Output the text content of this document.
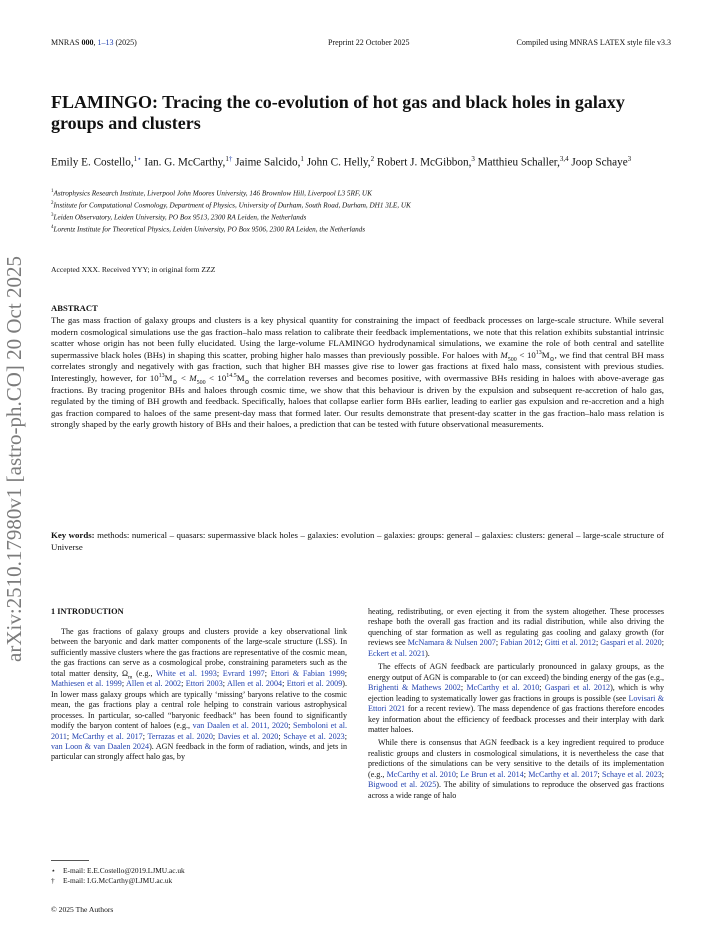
MNRAS 000, 1–13 (2025)	Preprint 22 October 2025	Compiled using MNRAS LATEX style file v3.3
FLAMINGO: Tracing the co-evolution of hot gas and black holes in galaxy groups and clusters
Emily E. Costello,$^{1⋆}$ Ian. G. McCarthy,$^{1\dagger}$ Jaime Salcido,$^1$ John C. Helly,$^2$ Robert J. McGibbon,$^3$ Matthieu Schaller,$^{3,4}$ Joop Schaye$^3$
$^1$Astrophysics Research Institute, Liverpool John Moores University, 146 Brownlow Hill, Liverpool L3 5RF, UK
$^2$Institute for Computational Cosmology, Department of Physics, University of Durham, South Road, Durham, DH1 3LE, UK
$^3$Leiden Observatory, Leiden University, PO Box 9513, 2300 RA Leiden, the Netherlands
$^4$Lorentz Institute for Theoretical Physics, Leiden University, PO Box 9506, 2300 RA Leiden, the Netherlands
Accepted XXX. Received YYY; in original form ZZZ
ABSTRACT
The gas mass fraction of galaxy groups and clusters is a key physical quantity for constraining the impact of feedback processes on large-scale structure. While several modern cosmological simulations use the gas fraction–halo mass relation to calibrate their feedback implementations, we note that this relation exhibits substantial intrinsic scatter whose origin has not been fully elucidated. Using the large-volume FLAMINGO hydrodynamical simulations, we examine the role of both central and satellite supermassive black holes (BHs) in shaping this scatter, probing higher halo masses than previously possible. For haloes with $M_{500} < 10^{13}M_⊙$, we find that central BH mass correlates strongly and negatively with gas fraction, such that higher BH masses give rise to lower gas fractions at fixed halo mass, consistent with previous studies. Interestingly, however, for $10^{13}M_⊙ < M_{500} < 10^{14.5}M_⊙$ the correlation reverses and becomes positive, with overmassive BHs residing in haloes with above-average gas fractions. By tracing progenitor BHs and haloes through cosmic time, we show that this behaviour is driven by the expulsion and subsequent re-accretion of halo gas, regulated by the timing of BH growth and feedback. Specifically, haloes that collapse earlier form BHs earlier, leading to earlier gas expulsion and re-accretion and a high gas fraction compared to haloes of the same present-day mass that formed later. Our results demonstrate that present-day scatter in the gas fraction–halo mass relation is strongly shaped by the early growth history of BHs and their haloes, a prediction that can be tested with future observational measurements.
Key words: methods: numerical – quasars: supermassive black holes – galaxies: evolution – galaxies: groups: general – galaxies: clusters: general – large-scale structure of Universe
arXiv:2510.17980v1 [astro-ph.CO] 20 Oct 2025	1 INTRODUCTION

The gas fractions of galaxy groups and clusters provide a key observational link between the baryonic and dark matter components of the large-scale structure (LSS). In sufficiently massive clusters where the gas fractions are representative of the cosmic mean, the gas fractions can serve as a cosmological probe, constraining parameters such as the total matter density, $\Omega_m$ (e.g., White et al. 1993; Evrard 1997; Ettori & Fabian 1999; Mathiesen et al. 1999; Allen et al. 2002; Ettori 2003; Allen et al. 2004; Ettori et al. 2009). In lower mass galaxy groups which are typically ‘missing’ baryons relative to the cosmic mean, the gas fractions play a central role helping to constrain various astrophysical processes. In particular, so-called “baryonic feedback” has been found to significantly modify the baryon content of haloes (e.g., van Daalen et al. 2011, 2020; Semboloni et al. 2011; McCarthy et al. 2017; Terrazas et al. 2020; Davies et al. 2020; Schaye et al. 2023; van Loon & van Daalen 2024). AGN feedback in the form of radiation, winds, and jets in particular can strongly affect halo gas, by

heating, redistributing, or even ejecting it from the system altogether. These processes reshape both the overall gas fraction and its radial distribution, while also driving the quenching of star formation as well as regulating gas cooling and galaxy growth (for reviews see McNamara & Nulsen 2007; Fabian 2012; Gitti et al. 2012; Gaspari et al. 2020; Eckert et al. 2021).

The effects of AGN feedback are particularly pronounced in galaxy groups, as the energy output of AGN is comparable to (or can exceed) the binding energy of the gas (e.g., Brighenti & Mathews 2002; McCarthy et al. 2010; Gaspari et al. 2012), which is why ejection leading to systematically lower gas fractions in groups is possible (see Lovisari & Ettori 2021 for a recent review). The mass dependence of gas fractions therefore encodes key information about the efficiency of feedback processes and their interplay with dark matter haloes.

While there is consensus that AGN feedback is a key ingredient required to produce realistic groups and clusters in cosmological simulations, it is nevertheless the case that predictions of the simulations can be very sensitive to the details of its implementation (e.g., McCarthy et al. 2010; Le Brun et al. 2014; McCarthy et al. 2017; Schaye et al. 2023; Bigwood et al. 2025). The ability of simulations to reproduce the observed gas fractions across a wide range of halo

⋆ E-mail: E.E.Costello@2019.LJMU.ac.uk
† E-mail: I.G.McCarthy@LJMU.ac.uk
© 2025 The Authors
